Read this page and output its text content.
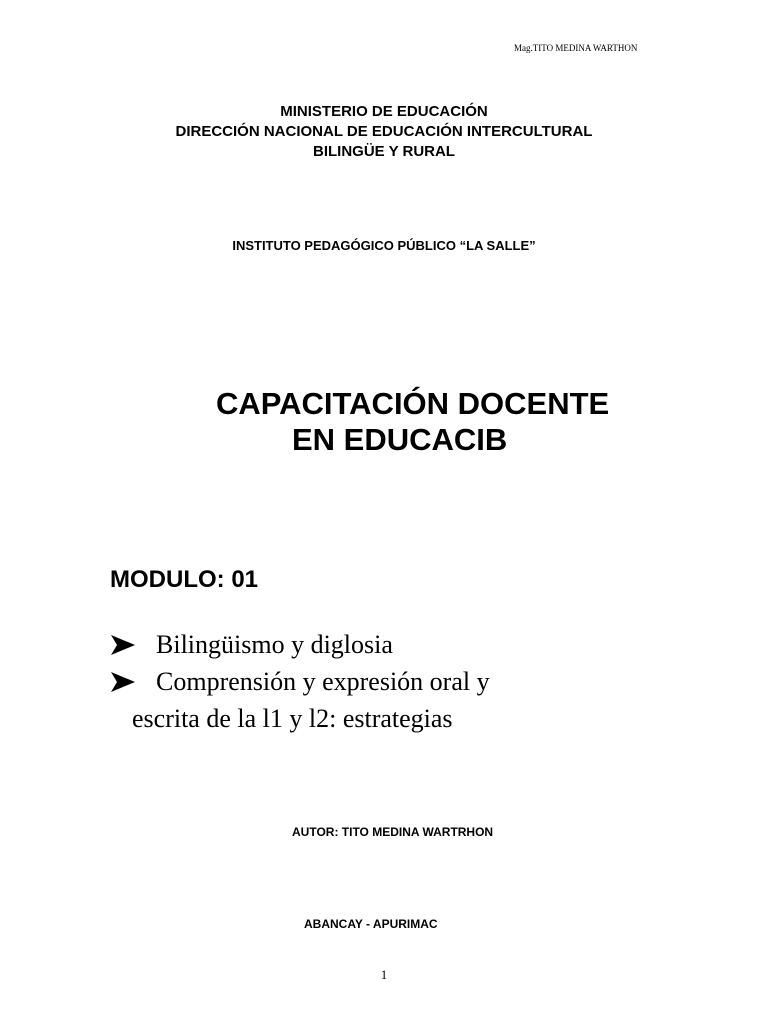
Mag.TITO MEDINA WARTHON
MINISTERIO DE EDUCACIÓN
DIRECCIÓN NACIONAL DE EDUCACIÓN INTERCULTURAL
BILINGÜE Y RURAL
INSTITUTO PEDAGÓGICO PÚBLICO “LA SALLE”
CAPACITACIÓN DOCENTE
EN EDUCACIB
MODULO: 01
Bilingüismo y diglosia
Comprensión y expresión oral y
escrita de la l1 y l2: estrategias
AUTOR: TITO MEDINA WARTRHON
ABANCAY - APURIMAC
1
